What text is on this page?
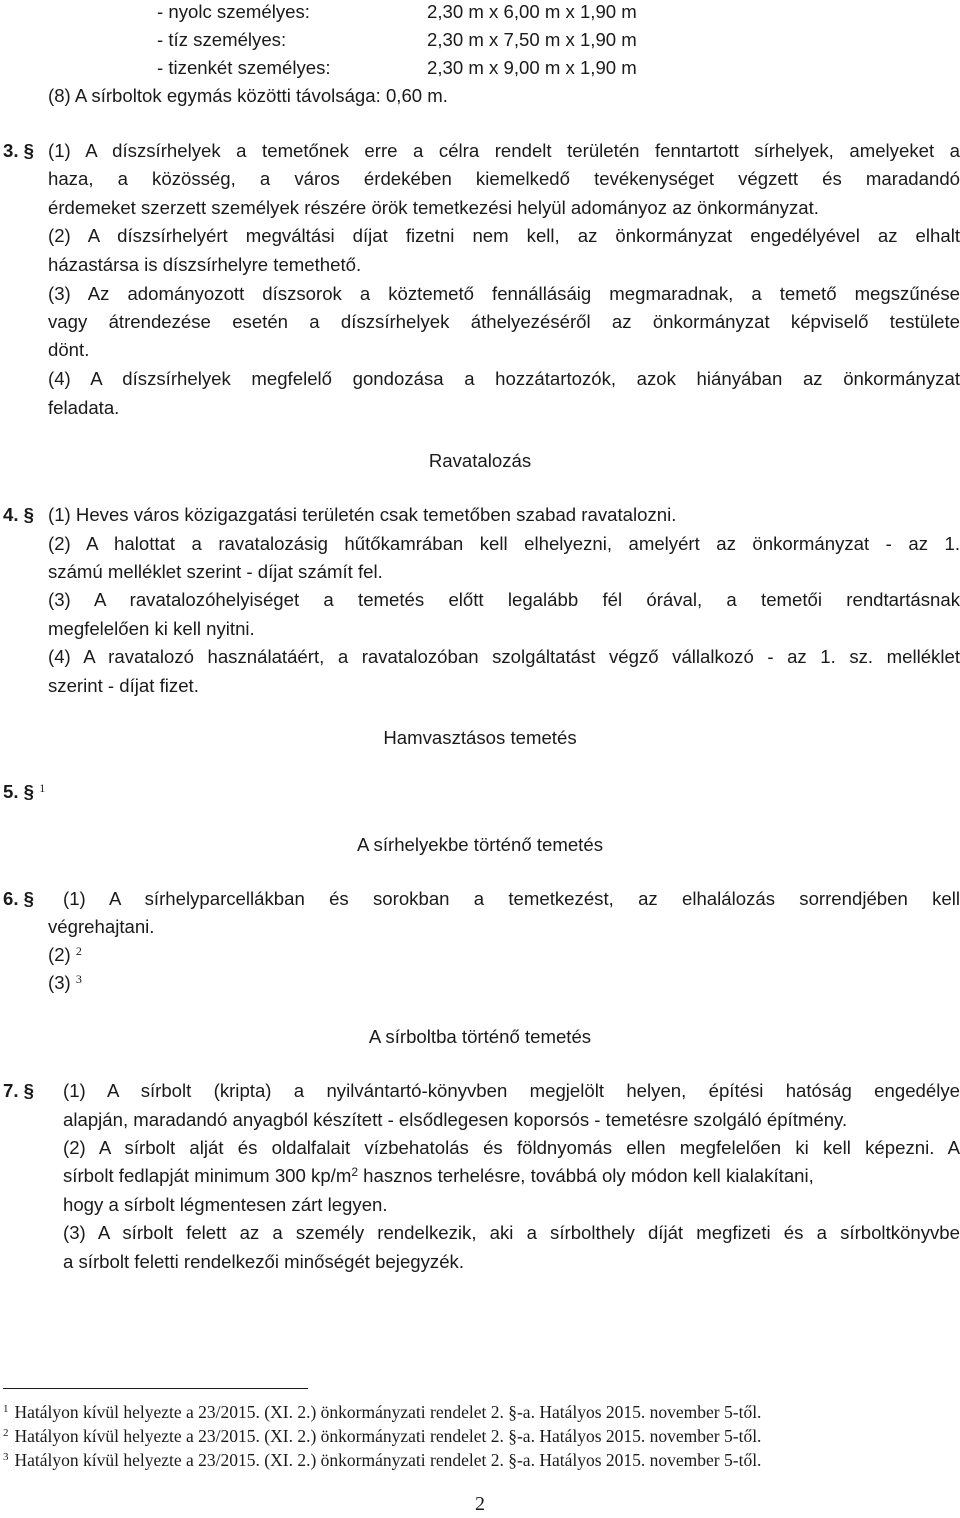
- nyolc személyes:	2,30 m x 6,00 m x 1,90 m
- tíz személyes:	2,30 m x 7,50 m x 1,90 m
- tizenkét személyes:	2,30 m x 9,00 m x 1,90 m
(8) A sírboltok egymás közötti távolsága: 0,60 m.
3. § (1) A díszsírhelyek a temetőnek erre a célra rendelt területén fenntartott sírhelyek, amelyeket a
haza, a közösség, a város érdekében kiemelkedő tevékenységet végzett és maradandó
érdemeket szerzett személyek részére örök temetkezési helyül adományoz az önkormányzat.
(2) A díszsírhelyért megváltási díjat fizetni nem kell, az önkormányzat engedélyével az elhalt
házastársa is díszsírhelyre temethető.
(3) Az adományozott díszsorok a köztemető fennállásáig megmaradnak, a temető megszűnése
vagy átrendezése esetén a díszsírhelyek áthelyezéséről az önkormányzat képviselő testülete
dönt.
(4) A díszsírhelyek megfelelő gondozása a hozzátartozók, azok hiányában az önkormányzat
feladata.
Ravatalozás
4. § (1) Heves város közigazgatási területén csak temetőben szabad ravatalozni.
(2) A halottat a ravatalozásig hűtőkamrában kell elhelyezni, amelyért az önkormányzat - az 1.
számú melléklet szerint - díjat számít fel.
(3) A ravatalozóhelyiséget a temetés előtt legalább fél órával, a temetői rendtartásnak
megfelelően ki kell nyitni.
(4) A ravatalozó használatáért, a ravatalozóban szolgáltatást végző vállalkozó - az 1. sz. melléklet
szerint - díjat fizet.
Hamvasztásos temetés
5. § $^1$
A sírhelyekbe történő temetés
6. § (1) A sírhelyparcellákban és sorokban a temetkezést, az elhalálozás sorrendjében kell
végrehajtani.
(2) $^2$
(3) $^3$
A sírboltba történő temetés
7. § (1) A sírbolt (kripta) a nyilvántartó-könyvben megjelölt helyen, építési hatóság engedélye
alapján, maradandó anyagból készített - elsődlegesen koporsós - temetésre szolgáló építmény.
(2) A sírbolt alját és oldalfalait vízbehatolás és földnyomás ellen megfelelően ki kell képezni. A
sírbolt fedlapját minimum 300 $kp/m^2$ hasznos terhelésre, továbbá oly módon kell kialakítani,
hogy a sírbolt légmentesen zárt legyen.
(3) A sírbolt felett az a személy rendelkezik, aki a sírbolthely díját megfizeti és a sírboltkönyvbe
a sírbolt feletti rendelkezői minőségét bejegyzék.
$^1$ Hatályon kívül helyezte a 23/2015. (XI. 2.) önkormányzati rendelet 2. §-a. Hatályos 2015. november 5-től.
$^2$ Hatályon kívül helyezte a 23/2015. (XI. 2.) önkormányzati rendelet 2. §-a. Hatályos 2015. november 5-től.
$^3$ Hatályon kívül helyezte a 23/2015. (XI. 2.) önkormányzati rendelet 2. §-a. Hatályos 2015. november 5-től.
2
